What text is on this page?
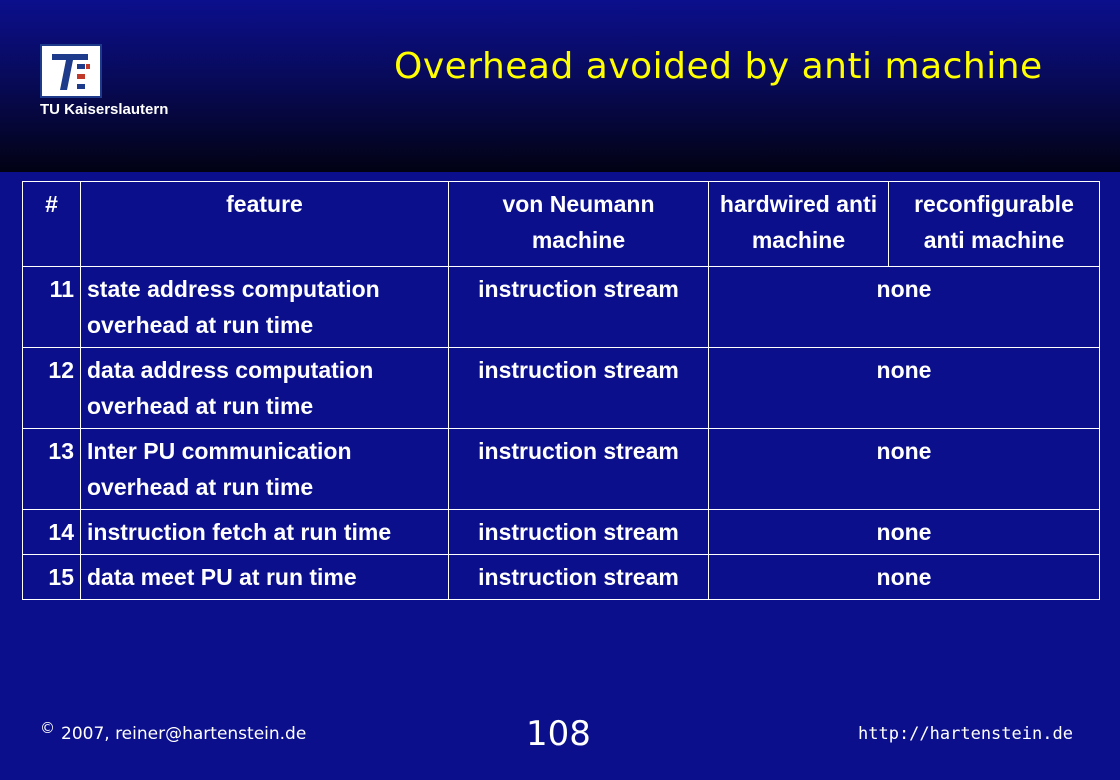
TU Kaiserslautern
Overhead avoided by anti machine
#	feature	von Neumann machine	hardwired anti machine	reconfigurable anti machine
11	state address computation overhead at run time	instruction stream	none	
12	data address computation overhead at run time	instruction stream	none	
13	Inter PU communication overhead at run time	instruction stream	none	
14	instruction fetch at run time	instruction stream	none	
15	data meet PU at run time	instruction stream	none	
© 2007, reiner@hartenstein.de	108	http://hartenstein.de
